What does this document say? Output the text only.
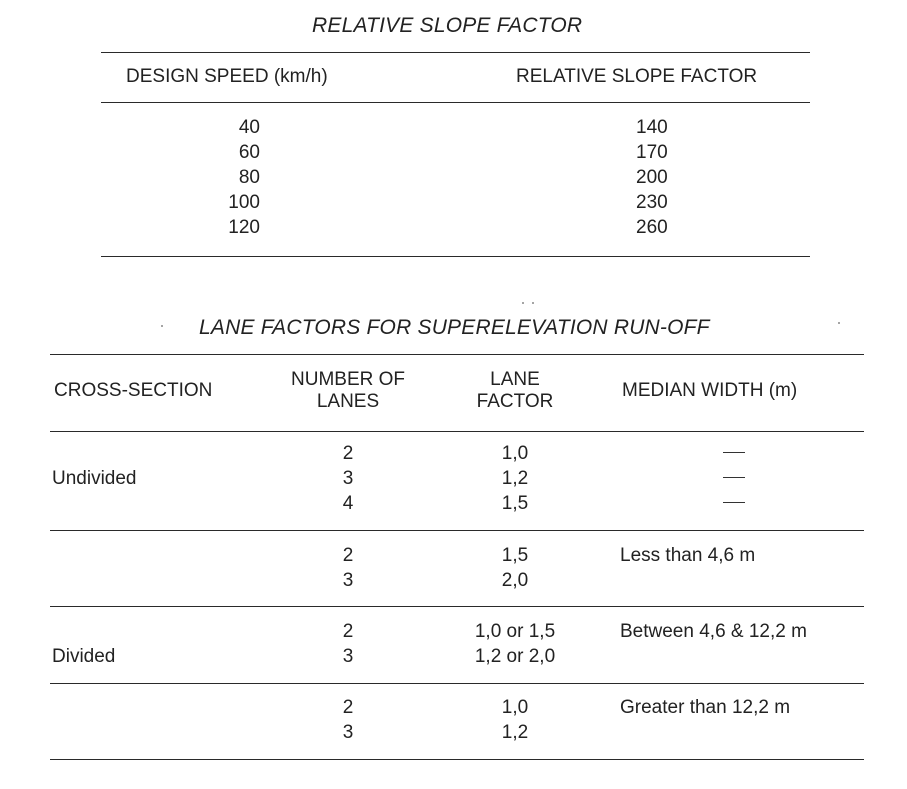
RELATIVE SLOPE FACTOR
DESIGN SPEED (km/h)	RELATIVE SLOPE FACTOR
40
60
80
100
120
140
170
200
230
260
LANE FACTORS FOR SUPERELEVATION RUN-OFF
CROSS-SECTION
NUMBER OF
LANES
LANE
FACTOR
MEDIAN WIDTH (m)
Undivided
2
3
4
1,0
1,2
1,5
2
3
1,5
2,0
Less than 4,6 m
Divided
2
3
1,0 or 1,5
1,2 or 2,0
Between 4,6 & 12,2 m
2
3
1,0
1,2
Greater than 12,2 m
